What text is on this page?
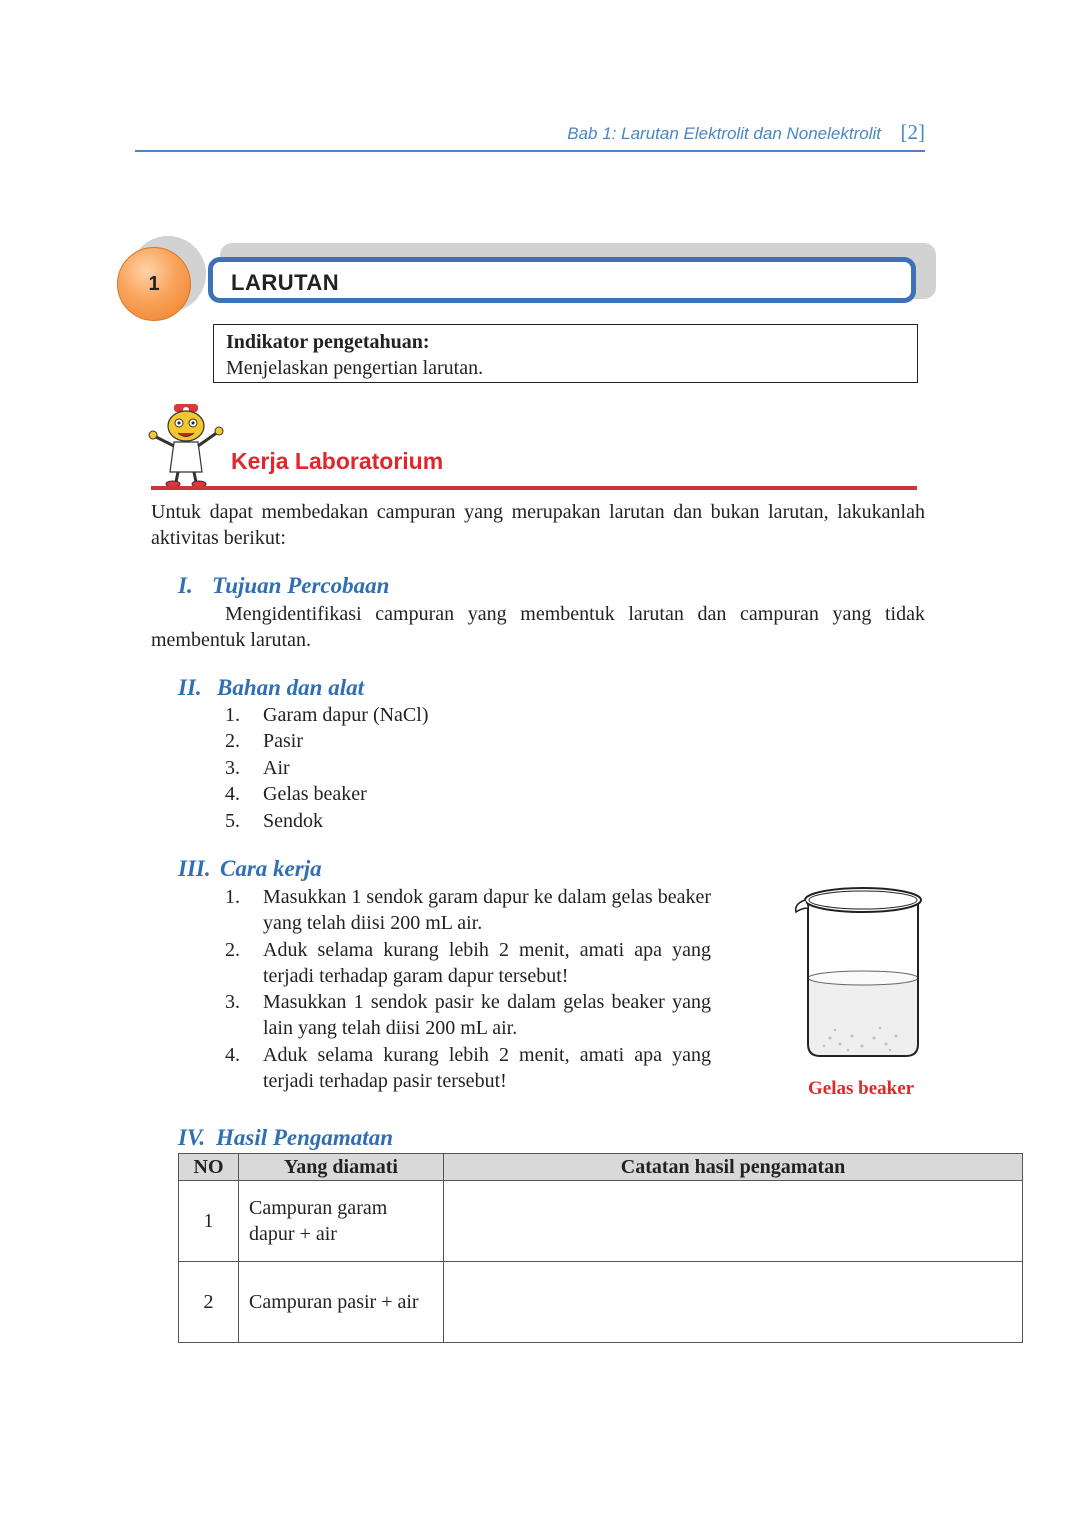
Bab 1: Larutan Elektrolit dan Nonelektrolit [2]
LARUTAN
1
Indikator pengetahuan:
Menjelaskan pengertian larutan.
Kerja Laboratorium
Untuk dapat membedakan campuran yang merupakan larutan dan bukan larutan, lakukanlah aktivitas berikut:
I. Tujuan Percobaan
Mengidentifikasi campuran yang membentuk larutan dan campuran yang tidak membentuk larutan.
II. Bahan dan alat
1.	Garam dapur (NaCl)
2.	Pasir
3.	Air
4.	Gelas beaker
5.	Sendok
III. Cara kerja
1.	Masukkan 1 sendok garam dapur ke dalam gelas beaker yang telah diisi 200 mL air.
2.	Aduk selama kurang lebih 2 menit, amati apa yang terjadi terhadap garam dapur tersebut!
3.	Masukkan 1 sendok pasir ke dalam gelas beaker yang lain yang telah diisi 200 mL air.
4.	Aduk selama kurang lebih 2 menit, amati apa yang terjadi terhadap pasir tersebut!	Gelas beaker
IV. Hasil Pengamatan
NO	Yang diamati	Catatan hasil pengamatan
1	Campuran garam dapur + air	
2	Campuran pasir + air	
